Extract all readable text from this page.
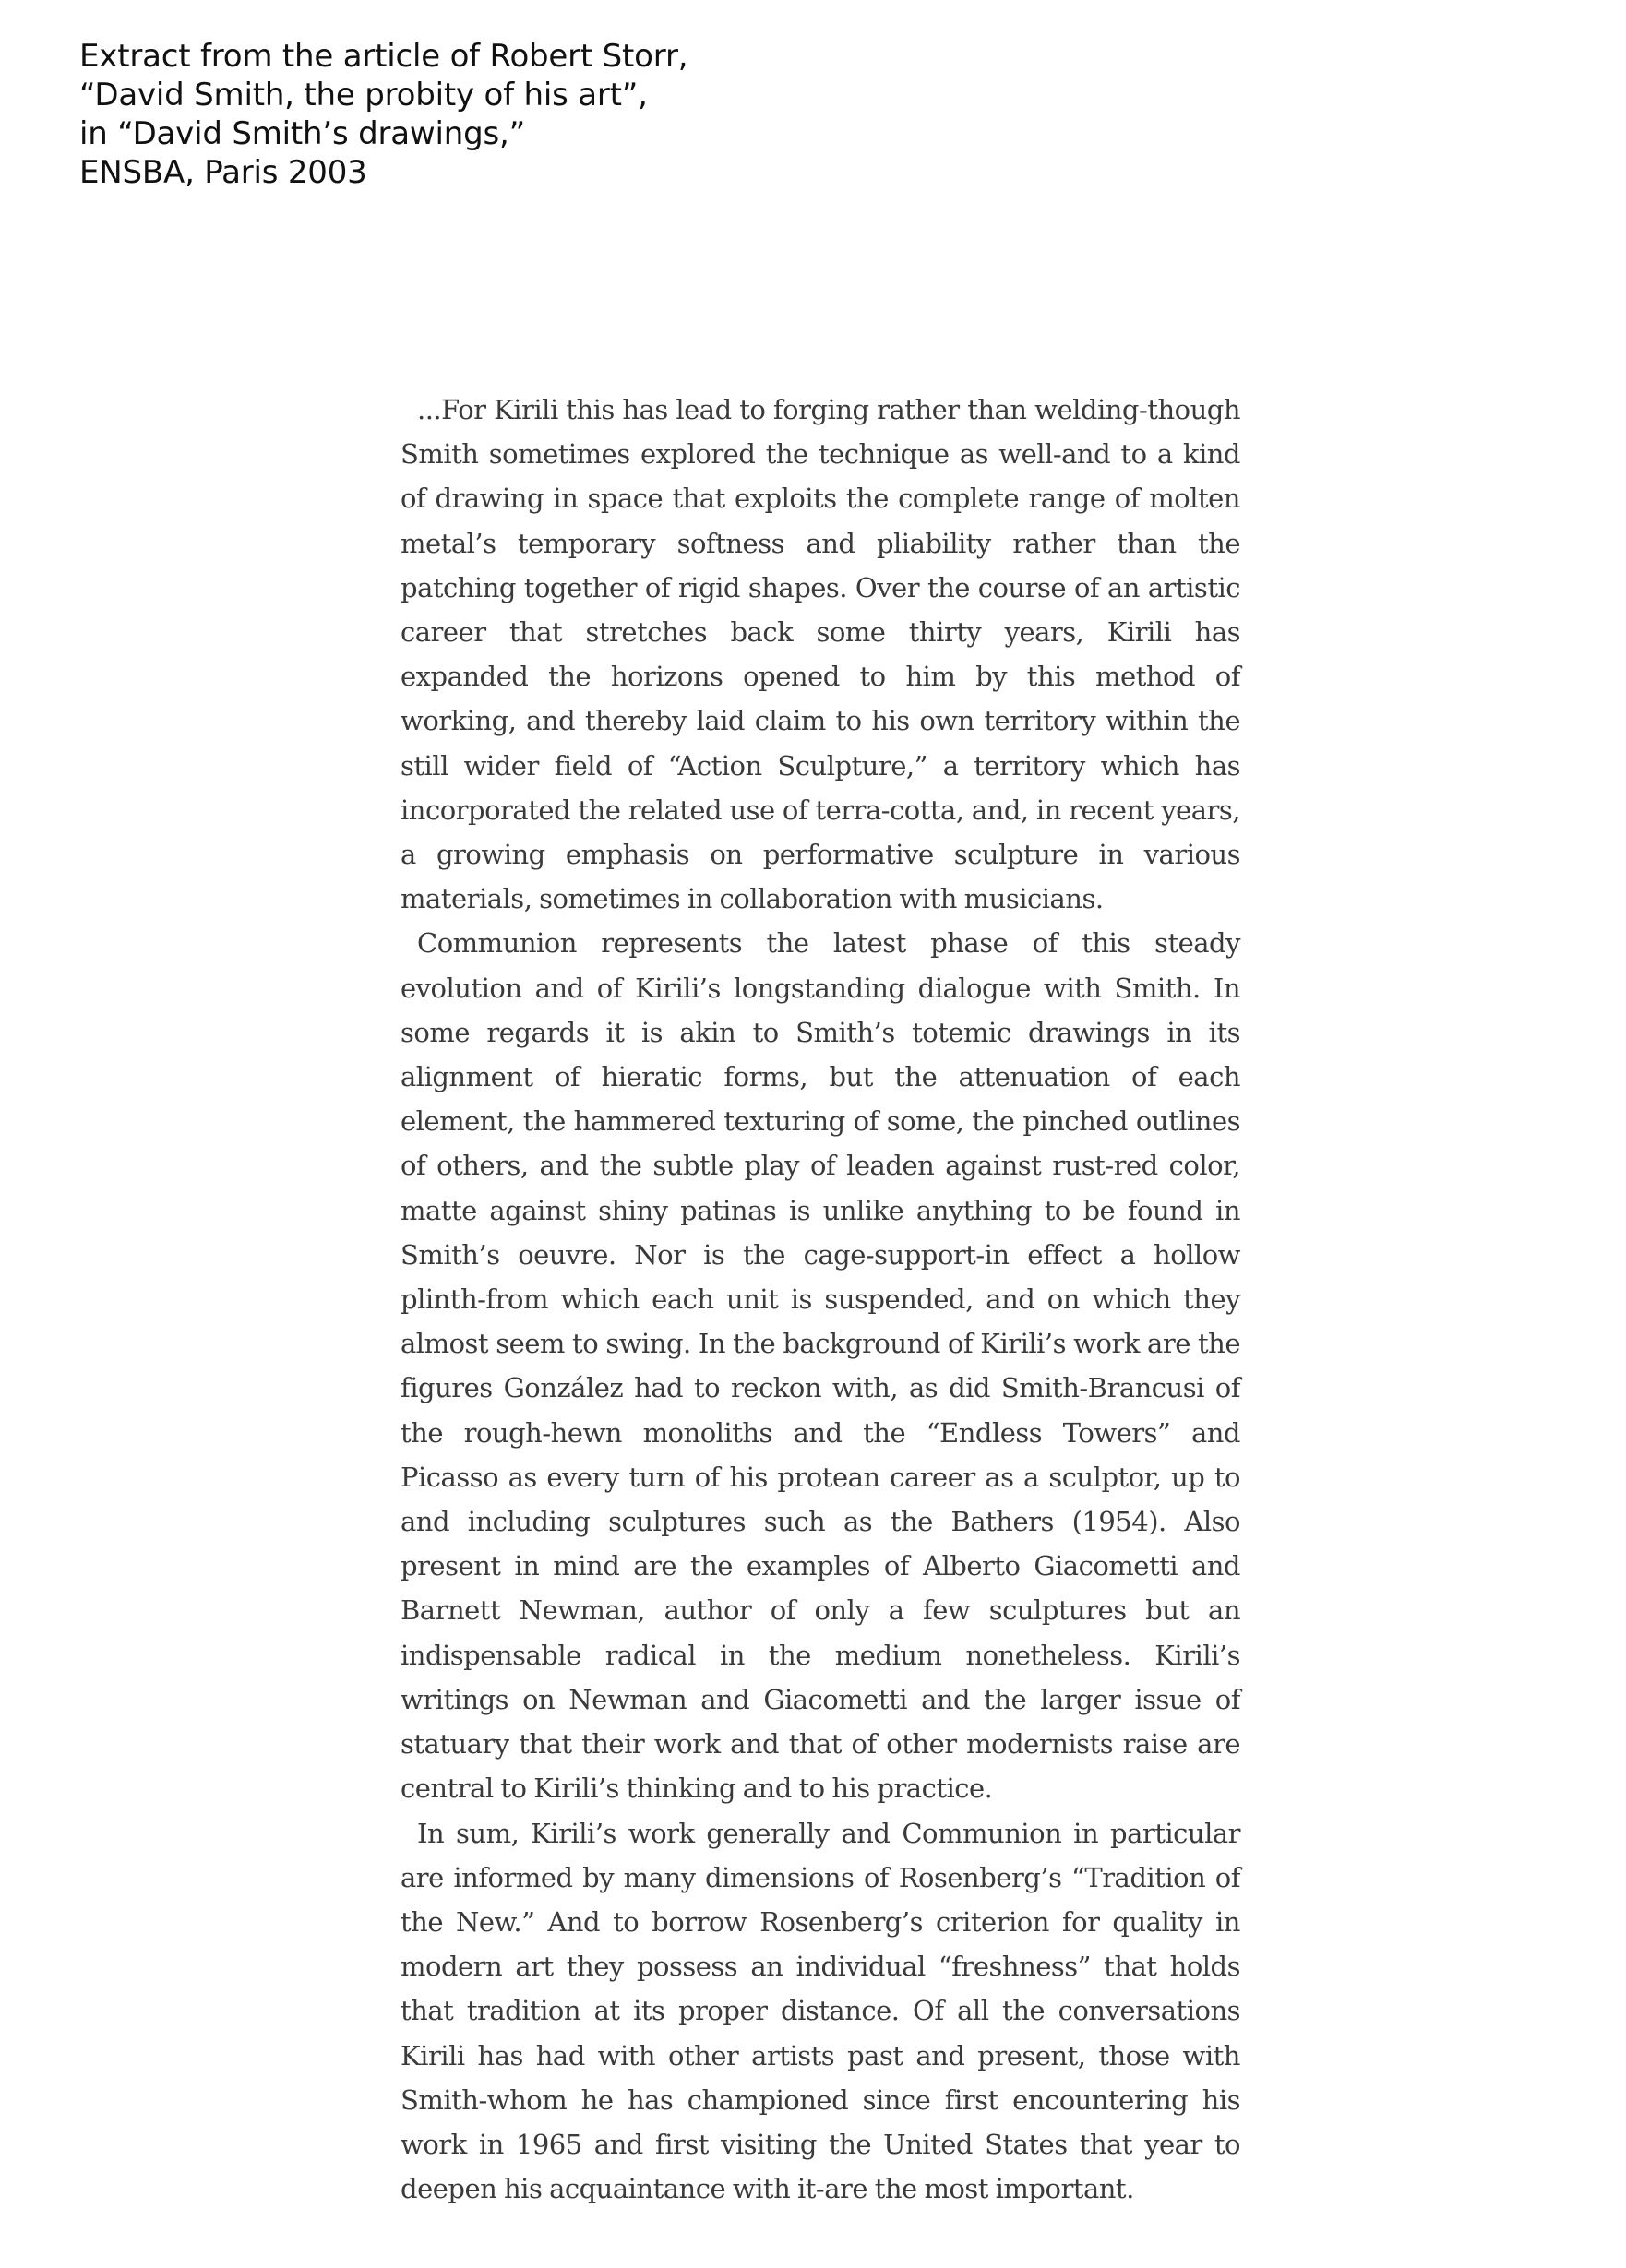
Extract from the article of Robert Storr,
“David Smith, the probity of his art”,
in “David Smith’s drawings,”
ENSBA, Paris 2003

...For Kirili this has lead to forging rather than welding-though Smith sometimes explored the technique as well-and to a kind of drawing in space that exploits the complete range of molten metal’s temporary softness and pliability rather than the patching together of rigid shapes. Over the course of an artistic career that stretches back some thirty years, Kirili has expanded the horizons opened to him by this method of working, and thereby laid claim to his own territory within the still wider field of “Action Sculpture,” a territory which has incorporated the related use of terra-cotta, and, in recent years, a growing emphasis on performative sculpture in various materials, sometimes in collaboration with musicians.

Communion represents the latest phase of this steady evolution and of Kirili’s longstanding dialogue with Smith. In some regards it is akin to Smith’s totemic drawings in its alignment of hieratic forms, but the attenuation of each element, the hammered texturing of some, the pinched outlines of others, and the subtle play of leaden against rust-red color, matte against shiny patinas is unlike anything to be found in Smith’s oeuvre. Nor is the cage-support-in effect a hollow plinth-from which each unit is suspended, and on which they almost seem to swing. In the background of Kirili’s work are the figures González had to reckon with, as did Smith-Brancusi of the rough-hewn monoliths and the “Endless Towers” and Picasso as every turn of his protean career as a sculptor, up to and including sculptures such as the Bathers (1954). Also present in mind are the examples of Alberto Giacometti and Barnett Newman, author of only a few sculptures but an indispensable radical in the medium nonetheless. Kirili’s writings on Newman and Giacometti and the larger issue of statuary that their work and that of other modernists raise are central to Kirili’s thinking and to his practice.

In sum, Kirili’s work generally and Communion in particular are informed by many dimensions of Rosenberg’s “Tradition of the New.” And to borrow Rosenberg’s criterion for quality in modern art they possess an individual “freshness” that holds that tradition at its proper distance. Of all the conversations Kirili has had with other artists past and present, those with Smith-whom he has championed since first encountering his work in 1965 and first visiting the United States that year to deepen his acquaintance with it-are the most important.
